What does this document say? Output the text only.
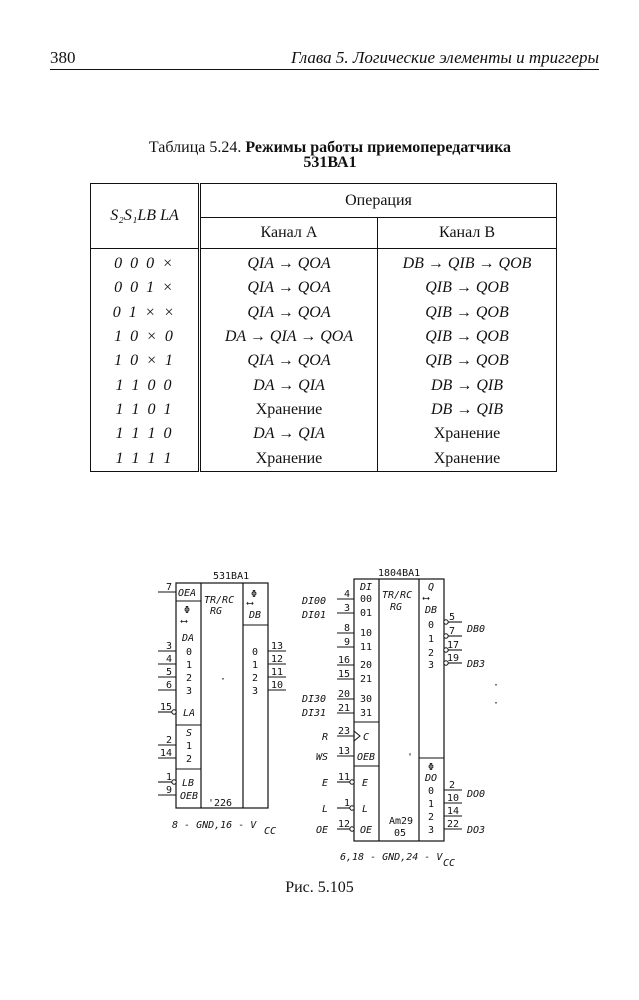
380	Глава 5. Логические элементы и триггеры
Таблица 5.24. Режимы работы приемопередатчика
531ВА1
S₂S₁LB LA	Операция	
	Канал A	Канал B
0 0 0 ×	QIA → QOA	DB → QIB → QOB
0 0 1 ×	QIA → QOA	QIB → QOB
0 1 × ×	QIA → QOA	QIB → QOB
1 0 × 0	DA → QIA → QOA	QIB → QOB
1 0 × 1	QIA → QOA	QIB → QOB
1 1 0 0	DA → QIA	DB → QIB
1 1 0 1	Хранение	DB → QIB
1 1 1 0	DA → QIA	Хранение
1 1 1 1	Хранение	Хранение
531BA1
OEA
Φ
⟷
DA
0
1
2
3
LA
S
1
2
LB
OEB
TR/RC
RG
·
'226
Φ
⟷
DB
0
1
2
3
7
3
4
5
6
15
2
14
1
9
13
12
11
10
8 - GND,16 - V
CC
1804BA1
DI
00
01
10
11
20
21
30
31
C
OEB
E
L
OE
TR/RC
RG
'
Am29
05
Q
⟷
DB
0
1
2
3
Φ
DO
0
1
2
3
4
3
8
9
16
15
20
21
23
13
11
1
12
DI00
DI01
DI30
DI31
R
WS
E
L
OE
5
7
17
19
2
10
14
22
DB0
DB3
DO0
DO3
·
·
6,18 - GND,24 - V
CC
Рис. 5.105
